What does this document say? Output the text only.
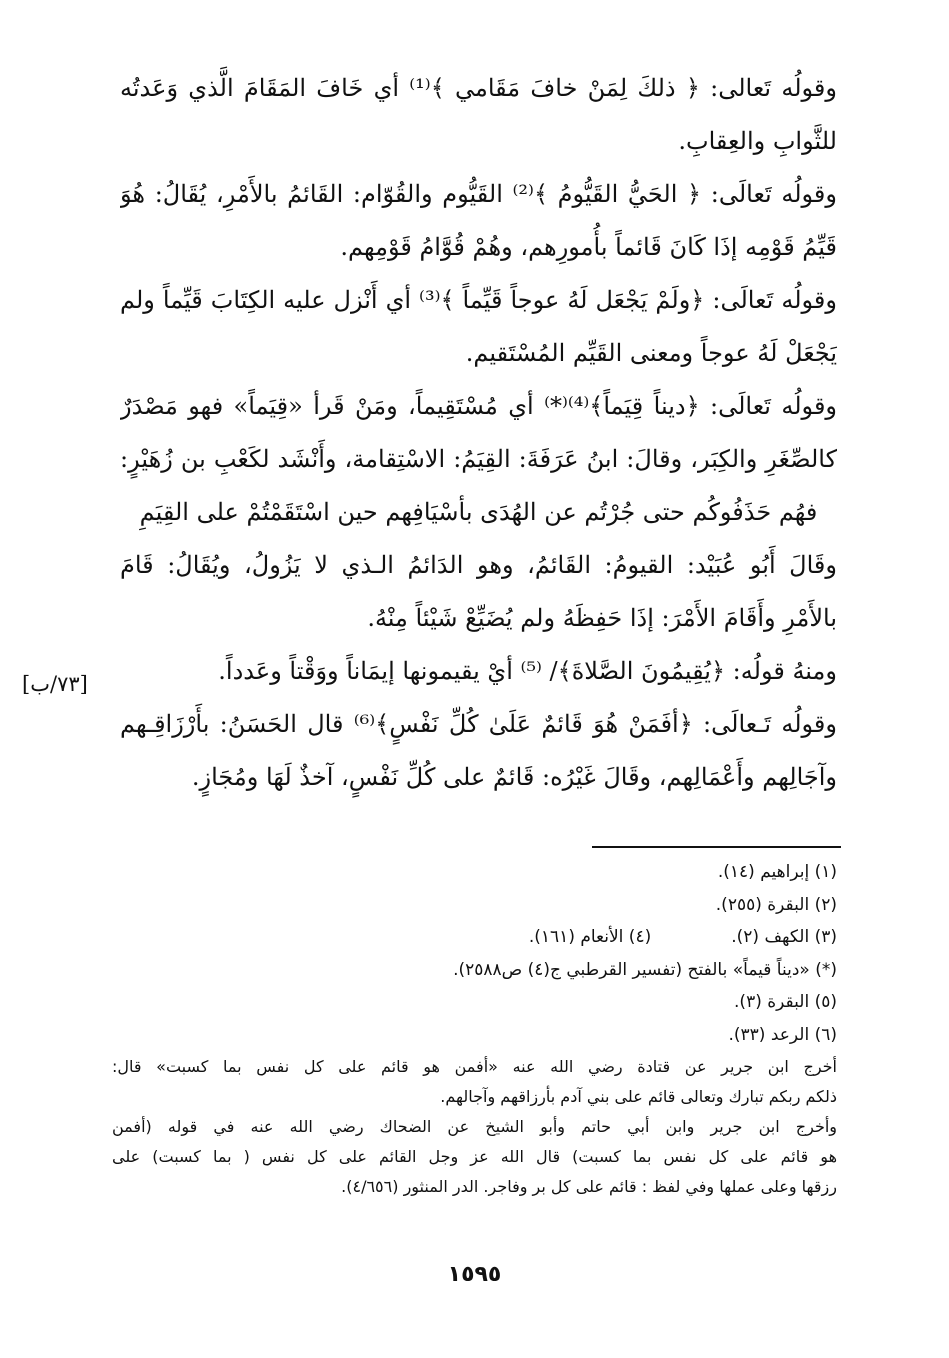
وقولُه تَعالى: ﴿ ذلكَ لِمَنْ خافَ مَقَامي ﴾⁽¹⁾ أي خَافَ المَقَامَ الَّذي وَعَدتُه
للثَّوابِ والعِقابِ.
وقولُه تَعالَى: ﴿ الحَيُّ القَيُّومُ ﴾⁽²⁾ القَيُّوم والقُوّام: القَائمُ بالأَمْرِ، يُقَالُ: هُوَ
قَيِّمُ قَوْمِه إذَا كَانَ قَائماً بأُمورِهم، وهُمْ قُوَّامُ قَوْمِهم.
وقولُه تَعالَى: ﴿ولَمْ يَجْعَل لَهُ عوجاً قَيِّماً ﴾⁽³⁾ أي أَنْزل عليه الكِتَابَ قَيِّماً ولم
يَجْعَلْ لَهُ عوجاً ومعنى القَيِّم المُسْتَقيم.
وقولُه تَعالَى: ﴿ديناً قِيَماً﴾⁽⁴⁾⁽*⁾ أي مُسْتَقِيماً، ومَنْ قَرأ «قِيَماً» فهو مَصْدَرٌ
كالصِّغَرِ والكِبَر، وقالَ: ابنُ عَرَفَةَ: القِيَمُ: الاسْتِقامة، وأَنْشَد لكَعْبِ بن زُهَيْرٍ:
فهُم حَذَفُوكُم حتى جُرْتُم عن الهُدَى بأسْيَافِهم حين اسْتَقَمْتُمْ على القِيَمِ
وقَالَ أَبُو عُبَيْد: القيومُ: القَائمُ، وهو الدَائمُ الـذي لا يَزُولُ، ويُقَالُ: قَامَ
بالأَمْرِ وأَقَامَ الأَمْرَ: إذَا حَفِظَهُ ولم يُضَيِّعْ شَيْئاً مِنْهُ.
ومنهُ قولُه: ﴿يُقِيمُونَ الصَّلاةَ﴾/ ⁽⁵⁾ أيْ يقيمونها إيمَاناً ووَقْتاً وعَدداً.
وقولُه تَـعالَى: ﴿أفَمَنْ هُوَ قَائمٌ عَلَىٰ كُلِّ نَفْسٍ﴾⁽⁶⁾ قال الحَسَنُ: بأَرْزَاقِـهم
وآجَالِهم وأَعْمَالِهم، وقَالَ غَيْرُه: قَائمٌ على كُلِّ نَفْسٍ، آخذٌ لَهَا ومُجَازٍ.
[٧٣/ب]
(١) إبراهيم (١٤).
(٢) البقرة (٢٥٥).
(٣) الكهف (٢).
(٤) الأنعام (١٦١).
(*) «ديناً قيماً» بالفتح (تفسير القرطبي ج(٤) ص٢٥٨٨).
(٥) البقرة (٣).
(٦) الرعد (٣٣).
أخرج ابن جرير عن قتادة رضي الله عنه «أفمن هو قائم على كل نفس بما كسبت» قال:
ذلكم ربكم تبارك وتعالى قائم على بني آدم بأرزاقهم وآجالهم.
وأخرج ابن جرير وابن أبي حاتم وأبو الشيخ عن الضحاك رضي الله عنه في قوله (أفمن
هو قائم على كل نفس بما كسبت) قال الله عز وجل القائم على كل نفس ( بما كسبت) على
رزقها وعلى عملها وفي لفظ : قائم على كل بر وفاجر. الدر المنثور (٤/٦٥٦).
١٥٩٥
